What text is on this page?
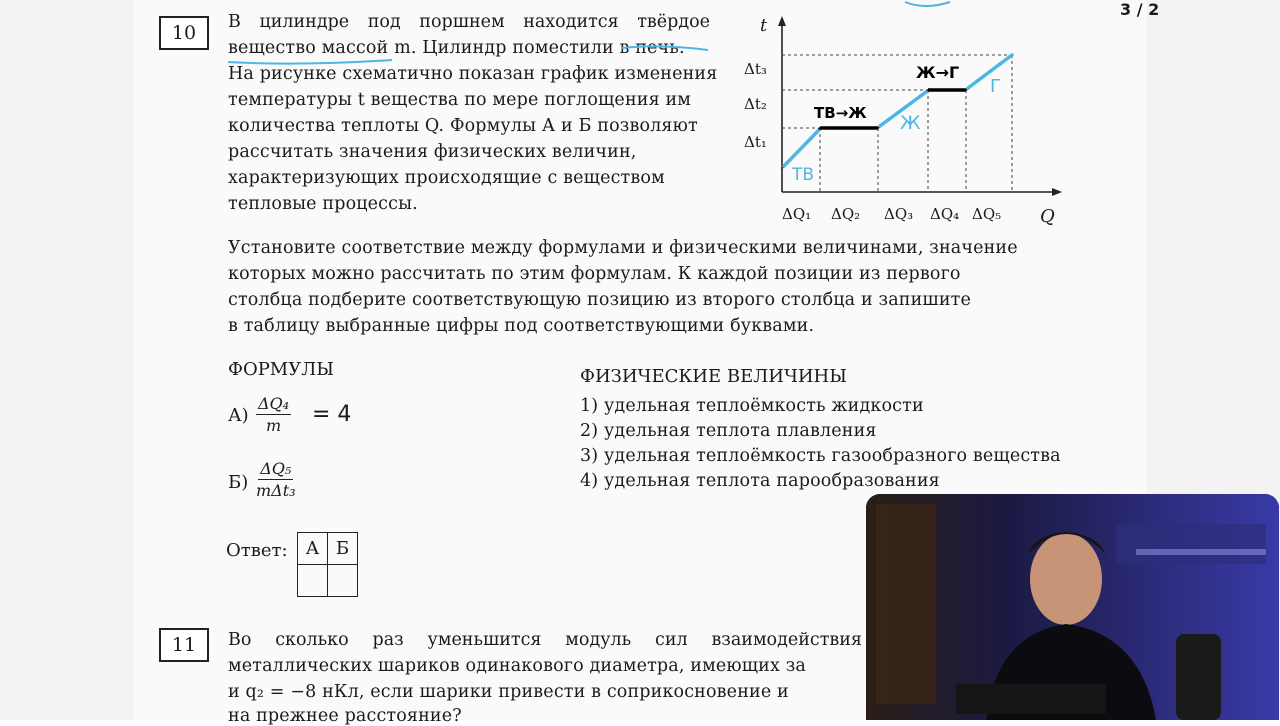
10	В цилиндре под поршнем находится твёрдое
вещество массой m. Цилиндр поместили в печь.
На рисунке схематично показан график изменения
температуры t вещества по мере поглощения им
количества теплоты Q. Формулы А и Б позволяют
рассчитать значения физических величин,
характеризующих происходящие с веществом
тепловые процессы.
t
Q
Δt₃
Δt₂
Δt₁
ΔQ₁ ΔQ₂ ΔQ₃ ΔQ₄ ΔQ₅
ТВ→Ж
Ж→Г
ТВ
Ж
Г
Установите соответствие между формулами и физическими величинами, значение
которых можно рассчитать по этим формулам. К каждой позиции из первого
столбца подберите соответствующую позицию из второго столбца и запишите
в таблицу выбранные цифры под соответствующими буквами.
ФОРМУЛЫ	ФИЗИЧЕСКИЕ ВЕЛИЧИНЫ
$А) \frac{\text{ΔQ₄}}{m} = 4$
Б)
ΔQ₅
mΔt₃
1) удельная теплоёмкость жидкости
2) удельная теплота плавления
3) удельная теплоёмкость газообразного вещества
4) удельная теплота парообразования
Ответ: А	Б

11	Во сколько раз уменьшится модуль сил взаимодействия
металлических шариков одинакового диаметра, имеющих за
и q₂ = −8 нКл, если шарики привести в соприкосновение и
на прежнее расстояние?
3 / 2
